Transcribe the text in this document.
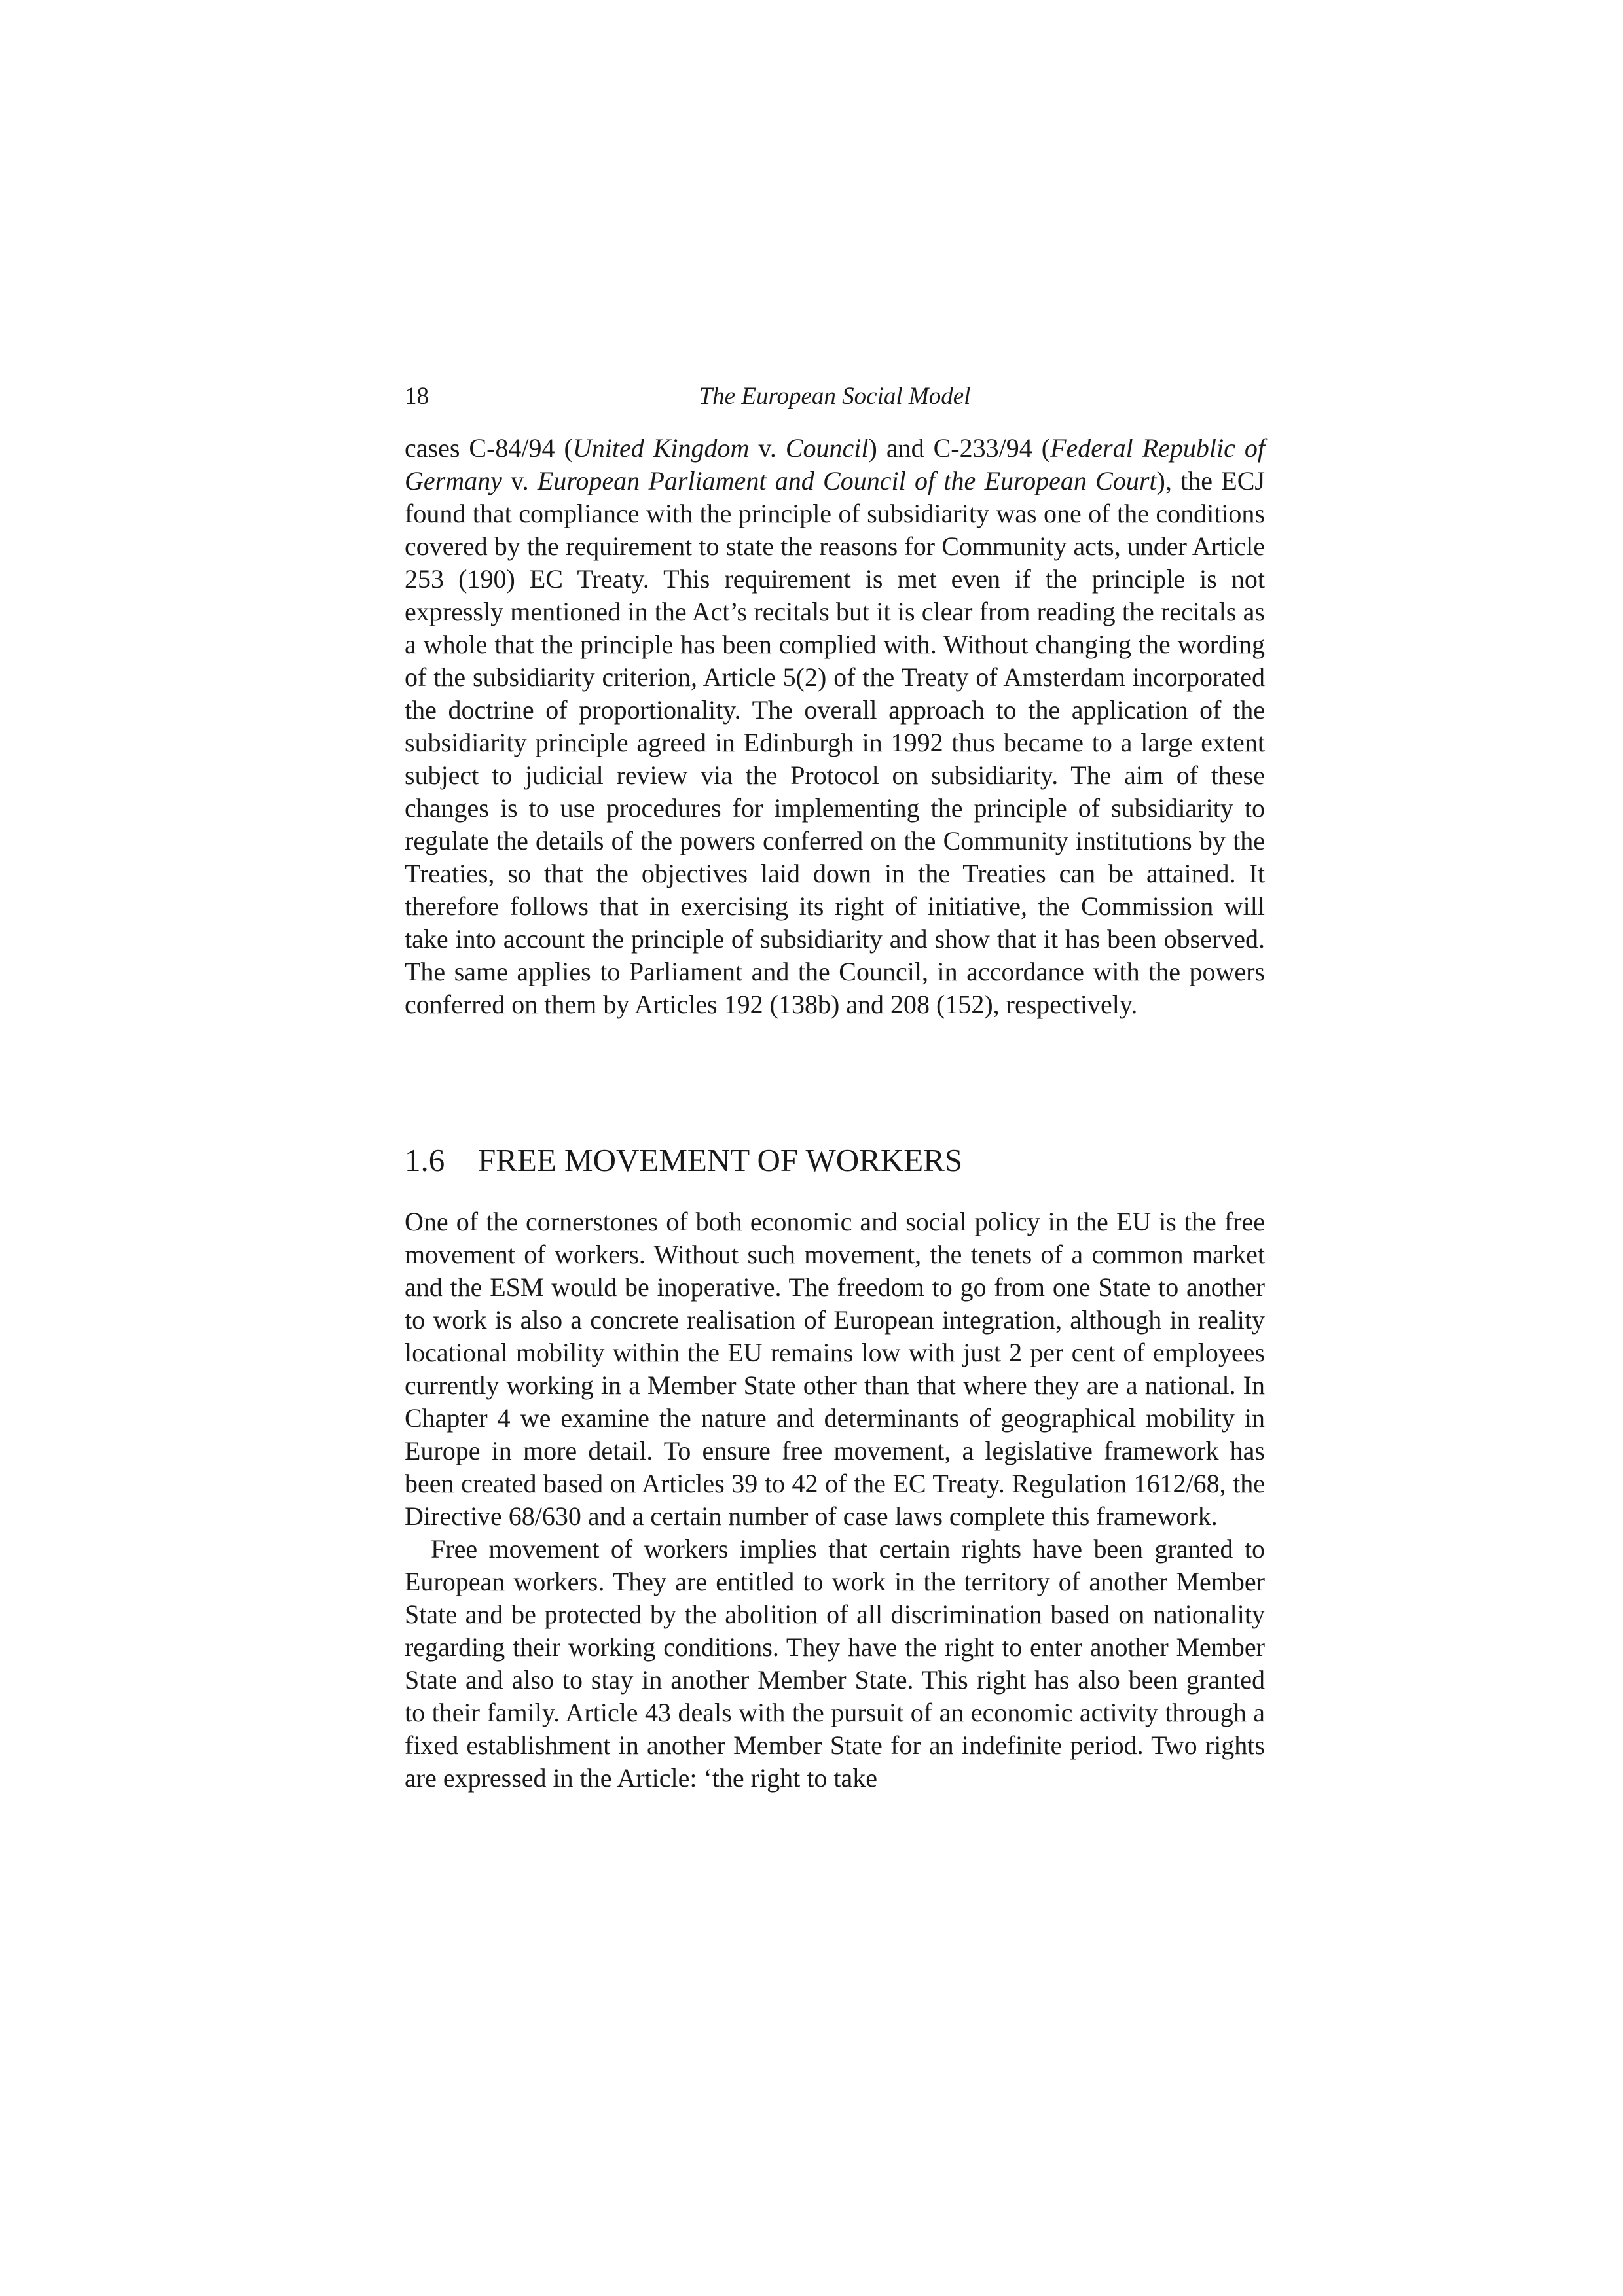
18	The European Social Model

cases C-84/94 (United Kingdom v. Council) and C-233/94 (Federal Republic of Germany v. European Parliament and Council of the European Court), the ECJ found that compliance with the principle of subsidiarity was one of the conditions covered by the requirement to state the reasons for Community acts, under Article 253 (190) EC Treaty. This requirement is met even if the principle is not expressly mentioned in the Act’s recitals but it is clear from reading the recitals as a whole that the principle has been complied with. Without changing the wording of the subsidiarity criterion, Article 5(2) of the Treaty of Amsterdam incorporated the doctrine of proportionality. The overall approach to the application of the subsidiarity principle agreed in Edinburgh in 1992 thus became to a large extent subject to judicial review via the Protocol on subsidiarity. The aim of these changes is to use procedures for implementing the principle of subsidiarity to regulate the details of the powers conferred on the Community institutions by the Treaties, so that the objectives laid down in the Treaties can be attained. It therefore follows that in exercising its right of initiative, the Commission will take into account the principle of subsidiarity and show that it has been observed. The same applies to Parliament and the Council, in accordance with the powers conferred on them by Articles 192 (138b) and 208 (152), respectively.

1.6 FREE MOVEMENT OF WORKERS

One of the cornerstones of both economic and social policy in the EU is the free movement of workers. Without such movement, the tenets of a common market and the ESM would be inoperative. The freedom to go from one State to another to work is also a concrete realisation of European integration, although in reality locational mobility within the EU remains low with just 2 per cent of employees currently working in a Member State other than that where they are a national. In Chapter 4 we examine the nature and determinants of geographical mobility in Europe in more detail. To ensure free movement, a legislative framework has been created based on Articles 39 to 42 of the EC Treaty. Regulation 1612/68, the Directive 68/630 and a certain number of case laws complete this framework.

Free movement of workers implies that certain rights have been granted to European workers. They are entitled to work in the territory of another Member State and be protected by the abolition of all discrimination based on nationality regarding their working conditions. They have the right to enter another Member State and also to stay in another Member State. This right has also been granted to their family. Article 43 deals with the pursuit of an economic activity through a fixed establishment in another Member State for an indefinite period. Two rights are expressed in the Article: ‘the right to take
